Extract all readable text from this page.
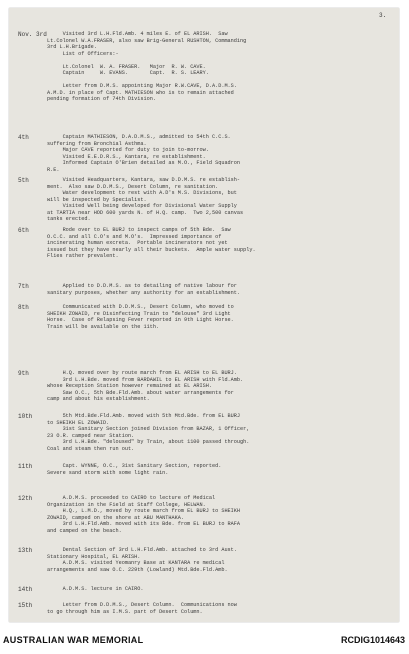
3.
Nov. 3rd Visited 3rd L.H.Fld.Amb. 4 miles E. of EL ARISH.  Saw
Lt.Colonel W.A.FRASER, also saw Brig-General RUSHTON, Commanding
3rd L.H.Brigade.
List of Officers:-
Lt.Colonel  W. A. FRASER.   Major  R. W. CAVE.
Captain     W. EVANS.       Capt.  R. S. LEARY.
Letter from D.M.S. appointing Major R.W.CAVE, D.A.D.M.S.
A.M.D. in place of Capt. MATHIESON who is to remain attached
pending formation of 74th Division.
4th	Captain MATHIESON, D.A.D.M.S., admitted to 54th C.C.S.
suffering from Bronchial Asthma.
Major CAVE reported for duty to join to-morrow.
Visited E.E.D.R.S., Kantara, re establishment.
Informed Captain O'Brien detailed as M.O., Field Squadron
R.E.
5th	Visited Headquarters, Kantara, saw D.D.M.S. re establish-
ment.  Also saw D.D.M.S., Desert Column, re sanitation.
Water development to rest with A.D's M.S. Divisions, but
will be inspected by Specialist.
Visited Well being developed for Divisional Water Supply
at TARTIA near HOD 600 yards N. of H.Q. camp.  Two 2,500 canvas
tanks erected.
6th	Rode over to EL BURJ to inspect camps of 5th Bde.  Saw
O.C.C. and all C.O's and M.O's.  Impressed importance of
incinerating human excreta.  Portable incinerators not yet
issued but they have nearly all their buckets.  Ample water supply.
Flies rather prevalent.
7th	Applied to D.D.M.S. as to detailing of native labour for
sanitary purposes, whether any authority for an establishment.
8th	Communicated with D.D.M.S., Desert Column, who moved to
SHEIKH ZOWAID, re Disinfecting Train to "delouse" 3rd Light
Horse.  Case of Relapsing Fever reported in 9th Light Horse.
Train will be available on the 11th.
9th	H.Q. moved over by route march from EL ARISH to EL BURJ.
3rd L.H.Bde. moved from BARDAWIL to EL ARISH with Fld.Amb.
whose Reception Station however remained at EL ARISH.
Saw O.C., 5th Bde.Fld.Amb. about water arrangements for
camp and about his establishment.
10th	5th Mtd.Bde.Fld.Amb. moved with 5th Mtd.Bde. from EL BURJ
to SHEIKH EL ZOWAID.
31st Sanitary Section joined Division from BAZAR, 1 Officer,
23 O.R. camped near Station.
3rd L.H.Bde. "deloused" by Train, about 1100 passed through.
Coal and steam then run out.
11th	Capt. WYNNE, O.C., 31st Sanitary Section, reported.
Severe sand storm with some light rain.
12th	A.D.M.S. proceeded to CAIRO to lecture of Medical
Organization in the Field at Staff College, HELWAN.
H.Q., L.M.D., moved by route march from EL BURJ to SHEIKH
ZOWAID, camped on the shore at ABU MANTHAKA.
3rd L.H.Fld.Amb. moved with its Bde. from EL BURJ to RAFA
and camped on the beach.
13th	Dental Section of 3rd L.H.Fld.Amb. attached to 3rd Aust.
Stationary Hospital, EL ARISH.
A.D.M.S. visited Yeomanry Base at KANTARA re medical
arrangements and saw O.C. 229th (Lowland) Mtd.Bde.Fld.Amb.
14th	A.D.M.S. lecture in CAIRO.
15th	Letter from D.D.M.S., Desert Column.  Communications now
to go through him as I.M.S. part of Desert Column.
AUSTRALIAN WAR MEMORIAL	RCDIG1014643
